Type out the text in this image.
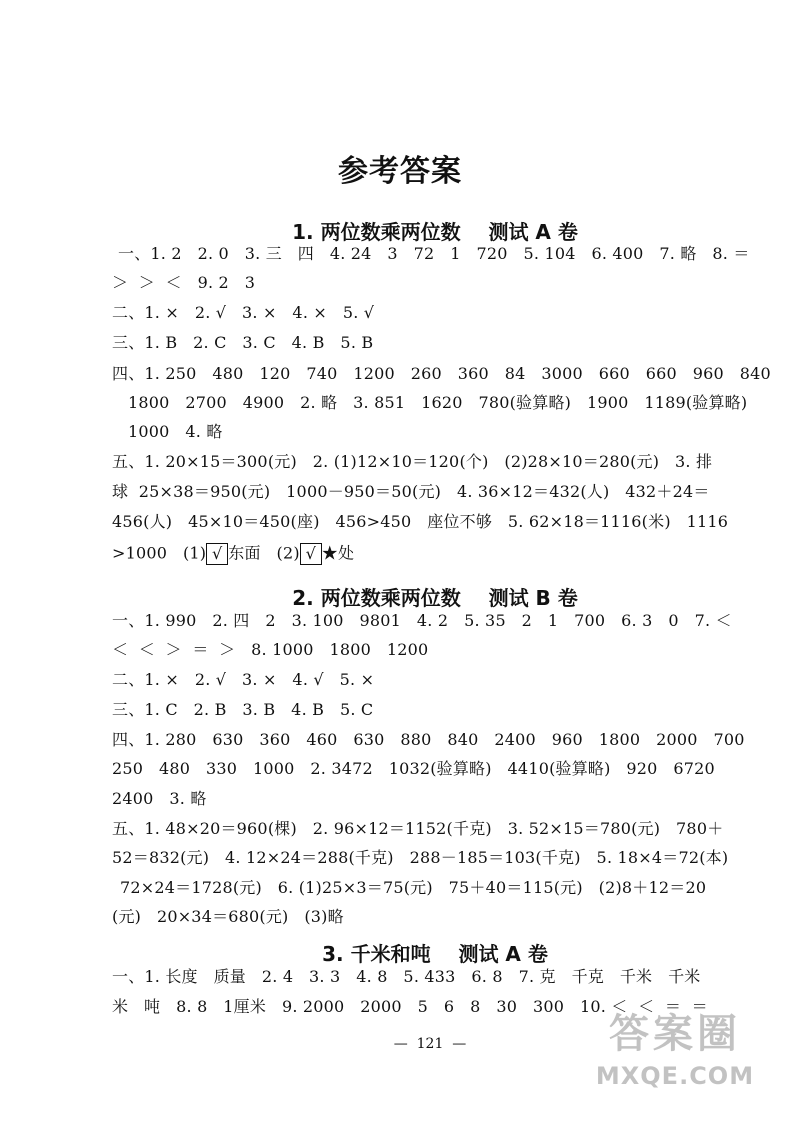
参考答案
1. 两位数乘两位数    测试 A 卷
一、1. 2   2. 0   3. 三   四   4. 24   3   72   1   720   5. 104   6. 400   7. 略   8. ＝
＞  ＞  ＜   9. 2   3
二、1. ×   2. √   3. ×   4. ×   5. √
三、1. B   2. C   3. C   4. B   5. B
四、1. 250   480   120   740   1200   260   360   84   3000   660   660   960   840
1800   2700   4900   2. 略   3. 851   1620   780(验算略)   1900   1189(验算略)
1000   4. 略
五、1. 20×15＝300(元)   2. (1)12×10＝120(个)   (2)28×10＝280(元)   3. 排
球  25×38＝950(元)   1000－950＝50(元)   4. 36×12＝432(人)   432＋24＝
456(人)   45×10＝450(座)   456>450   座位不够   5. 62×18＝1116(米)   1116
>1000   (1) √ 东面   (2) √ ★处
2. 两位数乘两位数    测试 B 卷
一、1. 990   2. 四   2   3. 100   9801   4. 2   5. 35   2   1   700   6. 3   0   7. ＜
＜  ＜  ＞  ＝  ＞   8. 1000   1800   1200
二、1. ×   2. √   3. ×   4. √   5. ×
三、1. C   2. B   3. B   4. B   5. C
四、1. 280   630   360   460   630   880   840   2400   960   1800   2000   700
250   480   330   1000   2. 3472   1032(验算略)   4410(验算略)   920   6720
2400   3. 略
五、1. 48×20＝960(棵)   2. 96×12＝1152(千克)   3. 52×15＝780(元)   780＋
52＝832(元)   4. 12×24＝288(千克)   288－185＝103(千克)   5. 18×4＝72(本)
72×24＝1728(元)   6. (1)25×3＝75(元)   75＋40＝115(元)   (2)8＋12＝20
(元)   20×34＝680(元)   (3)略
3. 千米和吨    测试 A 卷
一、1. 长度   质量   2. 4   3. 3   4. 8   5. 433   6. 8   7. 克   千克   千米   千米
米   吨   8. 8   1厘米   9. 2000   2000   5   6   8   30   300   10. ＜  ＜  ＝  ＝
—  121  —	答案圈
MXQE.COM
